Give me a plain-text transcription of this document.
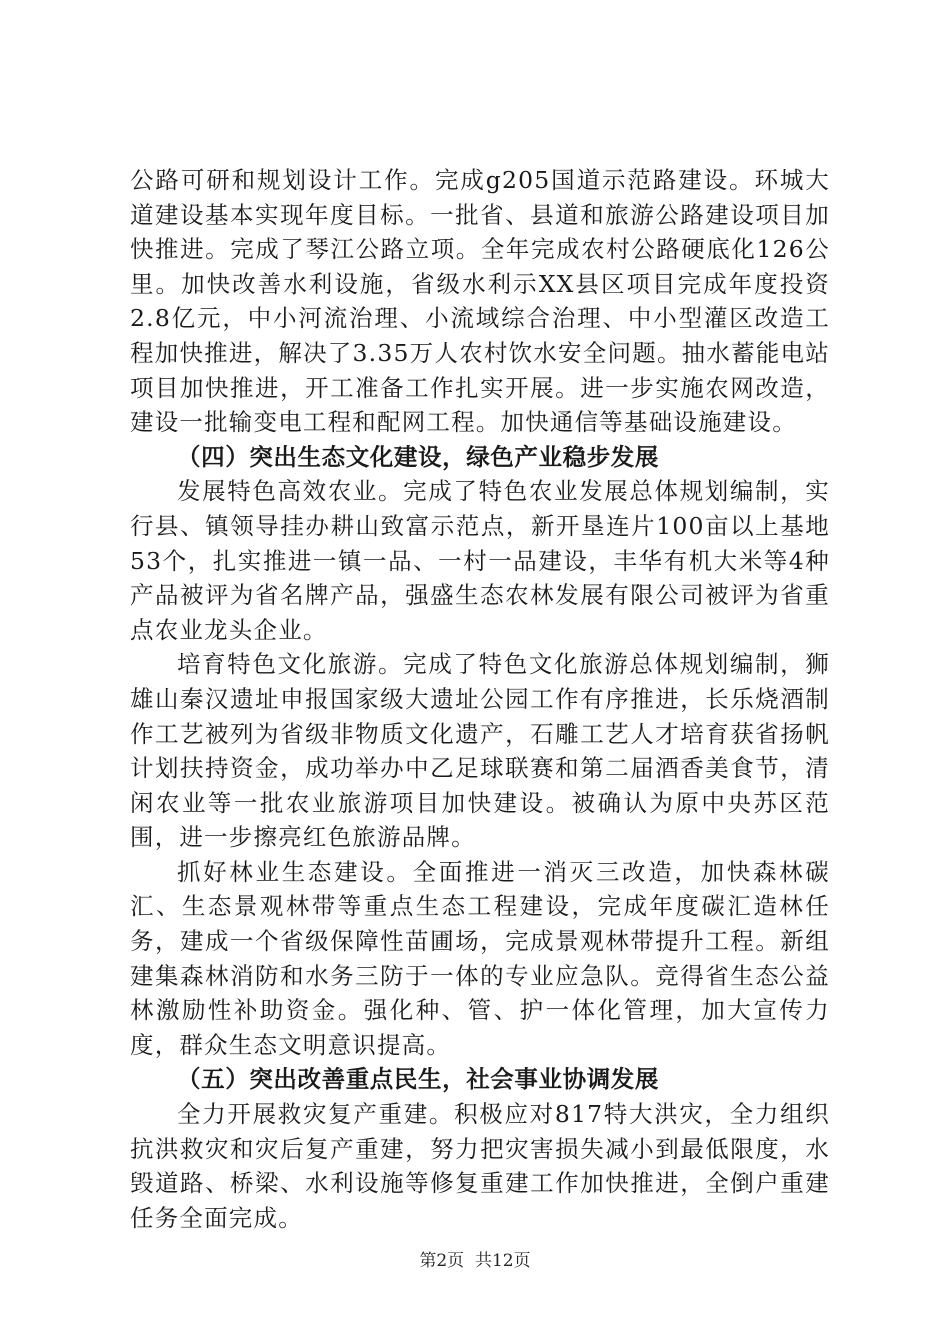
公路可研和规划设计工作。完成g205国道示范路建设。环城大道建设基本实现年度目标。一批省、县道和旅游公路建设项目加快推进。完成了琴江公路立项。全年完成农村公路硬底化126公里。加快改善水利设施，省级水利示XX县区项目完成年度投资2.8亿元，中小河流治理、小流域综合治理、中小型灌区改造工程加快推进，解决了3.35万人农村饮水安全问题。抽水蓄能电站项目加快推进，开工准备工作扎实开展。进一步实施农网改造，建设一批输变电工程和配网工程。加快通信等基础设施建设。

（四）突出生态文化建设，绿色产业稳步发展

发展特色高效农业。完成了特色农业发展总体规划编制，实行县、镇领导挂办耕山致富示范点，新开垦连片100亩以上基地53个，扎实推进一镇一品、一村一品建设，丰华有机大米等4种产品被评为省名牌产品，强盛生态农林发展有限公司被评为省重点农业龙头企业。

培育特色文化旅游。完成了特色文化旅游总体规划编制，狮雄山秦汉遗址申报国家级大遗址公园工作有序推进，长乐烧酒制作工艺被列为省级非物质文化遗产，石雕工艺人才培育获省扬帆计划扶持资金，成功举办中乙足球联赛和第二届酒香美食节，清闲农业等一批农业旅游项目加快建设。被确认为原中央苏区范围，进一步擦亮红色旅游品牌。

抓好林业生态建设。全面推进一消灭三改造，加快森林碳汇、生态景观林带等重点生态工程建设，完成年度碳汇造林任务，建成一个省级保障性苗圃场，完成景观林带提升工程。新组建集森林消防和水务三防于一体的专业应急队。竞得省生态公益林激励性补助资金。强化种、管、护一体化管理，加大宣传力度，群众生态文明意识提高。

（五）突出改善重点民生，社会事业协调发展

全力开展救灾复产重建。积极应对817特大洪灾，全力组织抗洪救灾和灾后复产重建，努力把灾害损失减小到最低限度，水毁道路、桥梁、水利设施等修复重建工作加快推进，全倒户重建任务全面完成。

第2页  共12页
